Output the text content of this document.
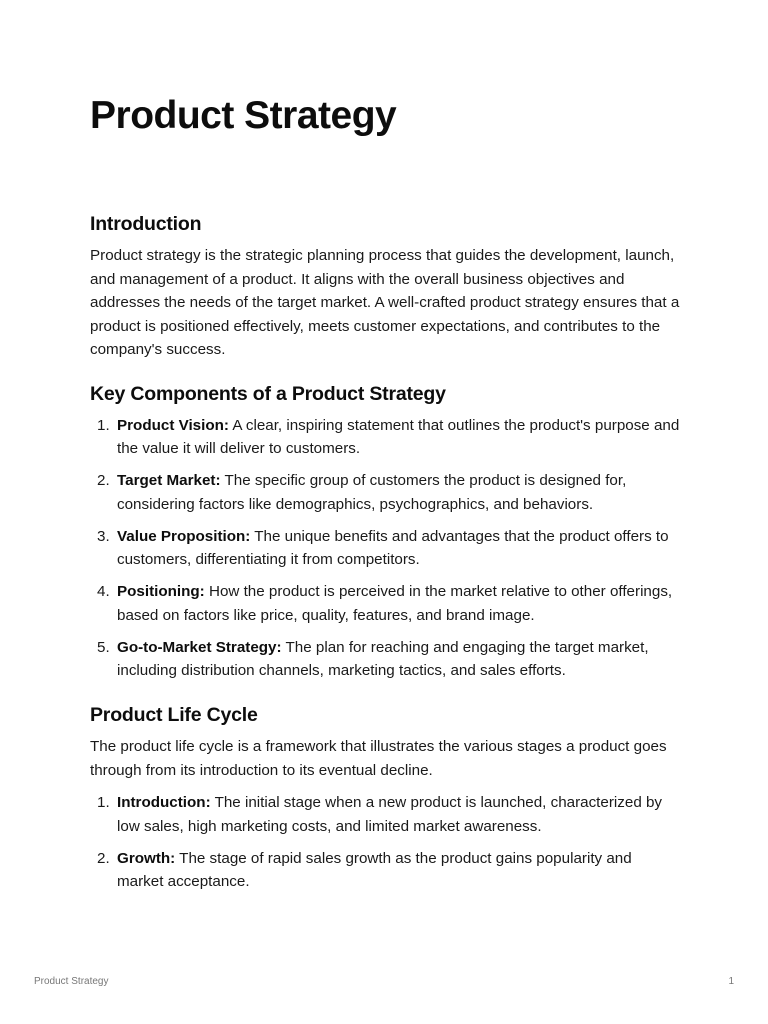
Product Strategy
Introduction

Product strategy is the strategic planning process that guides the development, launch, and management of a product. It aligns with the overall business objectives and addresses the needs of the target market. A well-crafted product strategy ensures that a product is positioned effectively, meets customer expectations, and contributes to the company's success.

Key Components of a Product Strategy
1. Product Vision: A clear, inspiring statement that outlines the product's purpose and the value it will deliver to customers.
2. Target Market: The specific group of customers the product is designed for, considering factors like demographics, psychographics, and behaviors.
3. Value Proposition: The unique benefits and advantages that the product offers to customers, differentiating it from competitors.
4. Positioning: How the product is perceived in the market relative to other offerings, based on factors like price, quality, features, and brand image.
5. Go-to-Market Strategy: The plan for reaching and engaging the target market, including distribution channels, marketing tactics, and sales efforts.
Product Life Cycle

The product life cycle is a framework that illustrates the various stages a product goes through from its introduction to its eventual decline.

1. Introduction: The initial stage when a new product is launched, characterized by low sales, high marketing costs, and limited market awareness.
2. Growth: The stage of rapid sales growth as the product gains popularity and market acceptance.
Product Strategy	1
